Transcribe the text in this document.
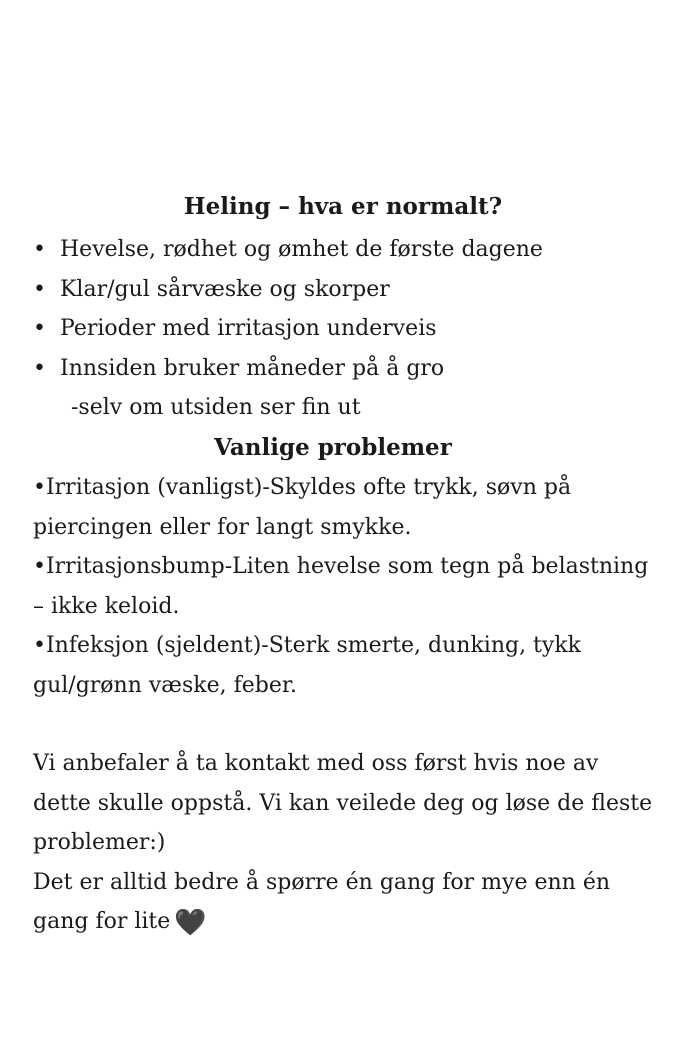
Heling – hva er normalt?
• Hevelse, rødhet og ømhet de første dagene
• Klar/gul sårvæske og skorper
• Perioder med irritasjon underveis
• Innsiden bruker måneder på å gro
-selv om utsiden ser fin ut
Vanlige problemer

•Irritasjon (vanligst)-Skyldes ofte trykk, søvn på piercingen eller for langt smykke.

•Irritasjonsbump-Liten hevelse som tegn på belastning – ikke keloid.

•Infeksjon (sjeldent)-Sterk smerte, dunking, tykk gul/grønn væske, feber.

Vi anbefaler å ta kontakt med oss først hvis noe av dette skulle oppstå. Vi kan veilede deg og løse de fleste problemer:)

Det er alltid bedre å spørre én gang for mye enn én gang for lite 🖤
